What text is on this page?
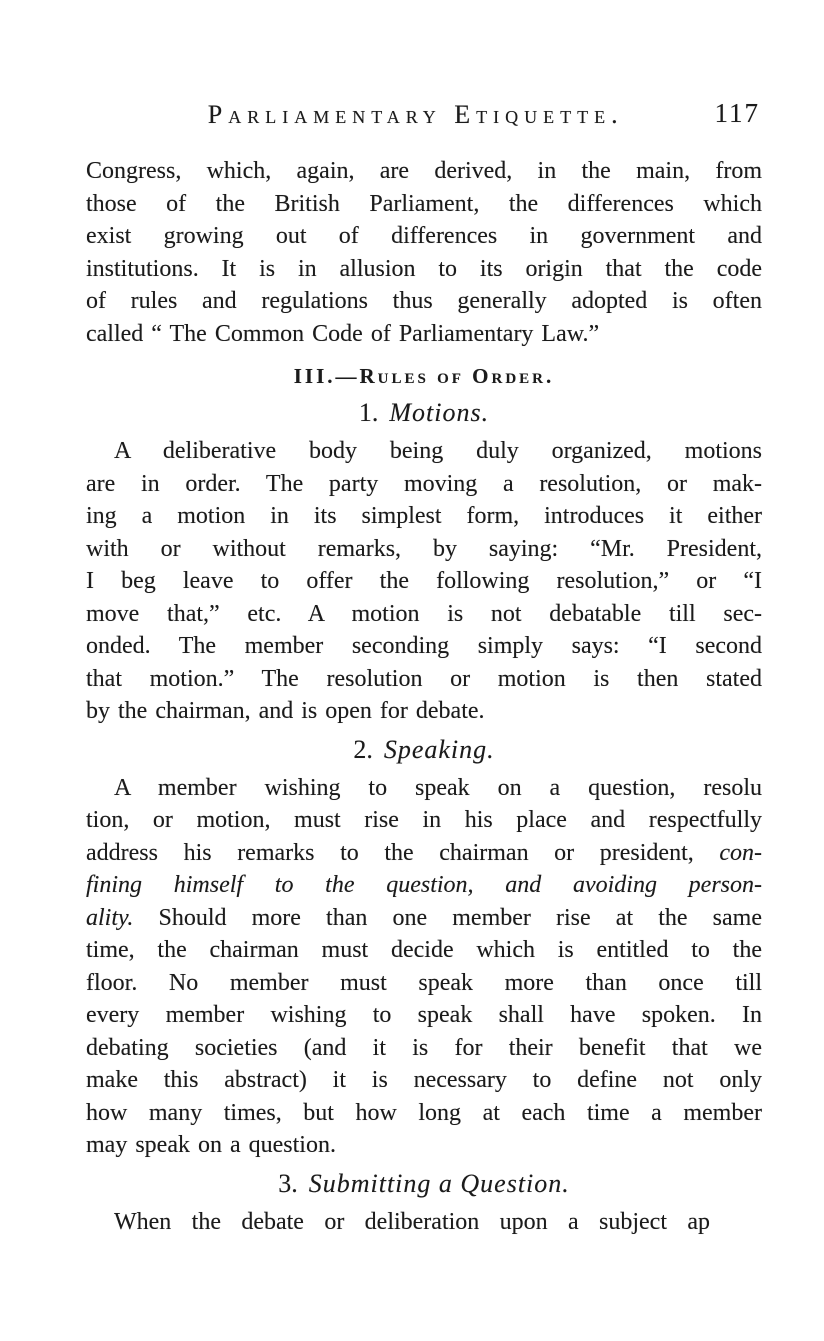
Parliamentary Etiquette.	117
Congress, which, again, are derived, in the main, from
those of the British Parliament, the differences which
exist growing out of differences in government and
institutions. It is in allusion to its origin that the code
of rules and regulations thus generally adopted is often
called “ The Common Code of Parliamentary Law.”
III.—Rules of Order.
1. Motions.
A deliberative body being duly organized, motions
are in order. The party moving a resolution, or mak-
ing a motion in its simplest form, introduces it either
with or without remarks, by saying: “Mr. President,
I beg leave to offer the following resolution,” or “I
move that,” etc. A motion is not debatable till sec-
onded. The member seconding simply says: “I second
that motion.” The resolution or motion is then stated
by the chairman, and is open for debate.
2. Speaking.
A member wishing to speak on a question, resolu
tion, or motion, must rise in his place and respectfully
address his remarks to the chairman or president, con-
fining himself to the question, and avoiding person-
ality. Should more than one member rise at the same
time, the chairman must decide which is entitled to the
floor. No member must speak more than once till
every member wishing to speak shall have spoken. In
debating societies (and it is for their benefit that we
make this abstract) it is necessary to define not only
how many times, but how long at each time a member
may speak on a question.
3. Submitting a Question.
When the debate or deliberation upon a subject ap
